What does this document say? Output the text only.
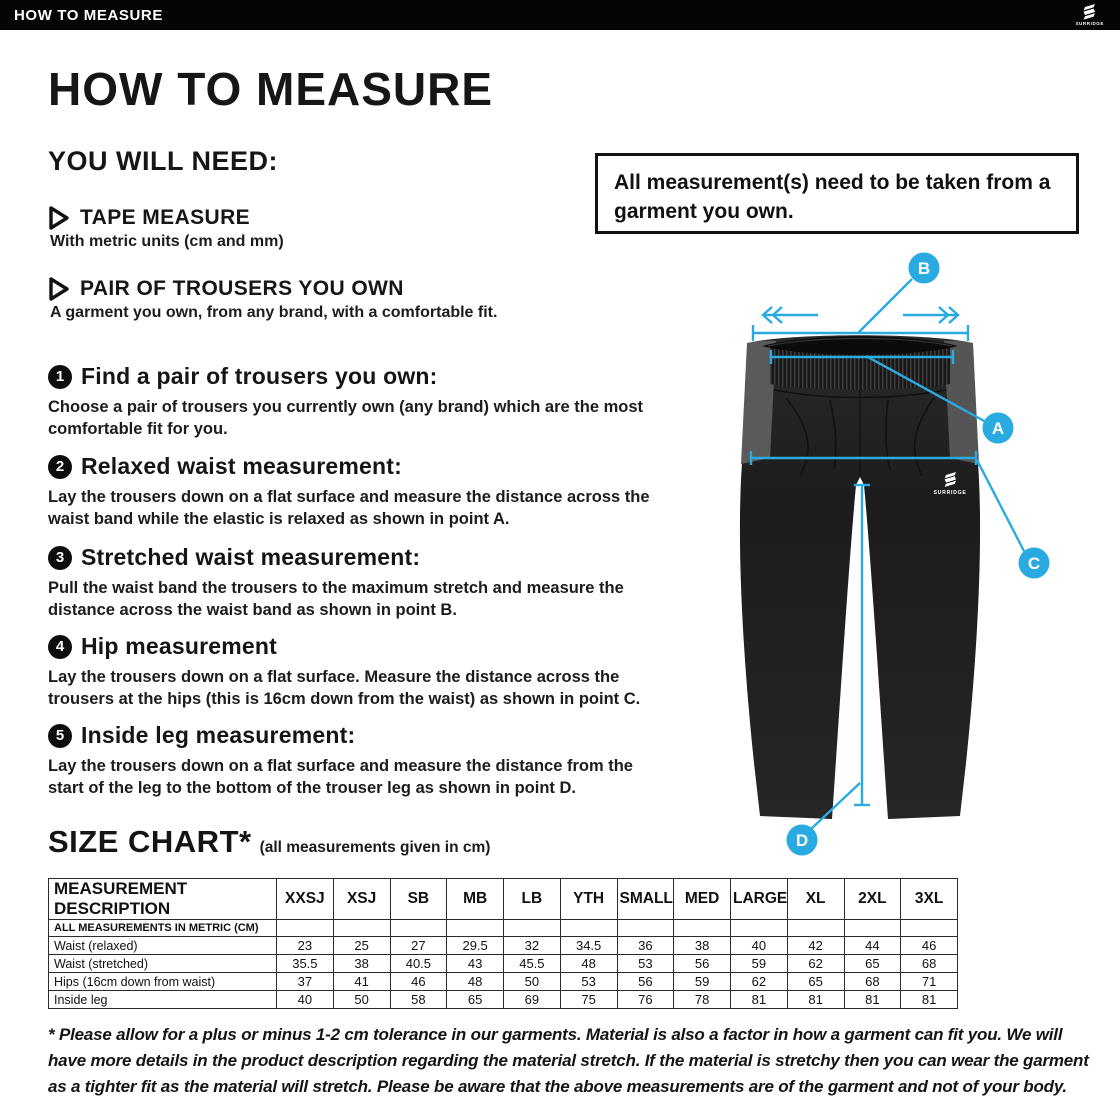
HOW TO MEASURE	SURRIDGE
HOW TO MEASURE
YOU WILL NEED:
TAPE MEASURE
With metric units (cm and mm)
PAIR OF TROUSERS YOU OWN
A garment you own, from any brand, with a comfortable fit.

All measurement(s) need to be taken from a garment you own.

1 Find a pair of trousers you own:
Choose a pair of trousers you currently own (any brand) which are the most comfortable fit for you.
2 Relaxed waist measurement:
Lay the trousers down on a flat surface and measure the distance across the waist band while the elastic is relaxed as shown in point A.
3 Stretched waist measurement:
Pull the waist band the trousers to the maximum stretch and measure the distance across the waist band as shown in point B.
4 Hip measurement
Lay the trousers down on a flat surface. Measure the distance across the trousers at the hips (this is 16cm down from the waist) as shown in point C.
5 Inside leg measurement:
Lay the trousers down on a flat surface and measure the distance from the start of the leg to the bottom of the trouser leg as shown in point D.
SURRIDGE
B
A
C
D
SIZE CHART* (all measurements given in cm)
MEASUREMENT DESCRIPTION	XXSJ	XSJ	SB	MB	LB	YTH	SMALL	MED	LARGE	XL	2XL	3XL
ALL MEASUREMENTS IN METRIC (CM)												
Waist (relaxed)	23	25	27	29.5	32	34.5	36	38	40	42	44	46
Waist (stretched)	35.5	38	40.5	43	45.5	48	53	56	59	62	65	68
Hips (16cm down from waist)	37	41	46	48	50	53	56	59	62	65	68	71
Inside leg	40	50	58	65	69	75	76	78	81	81	81	81
* Please allow for a plus or minus 1-2 cm tolerance in our garments. Material is also a factor in how a garment can fit you. We will have more details in the product description regarding the material stretch. If the material is stretchy then you can wear the garment as a tighter fit as the material will stretch. Please be aware that the above measurements are of the garment and not of your body.
